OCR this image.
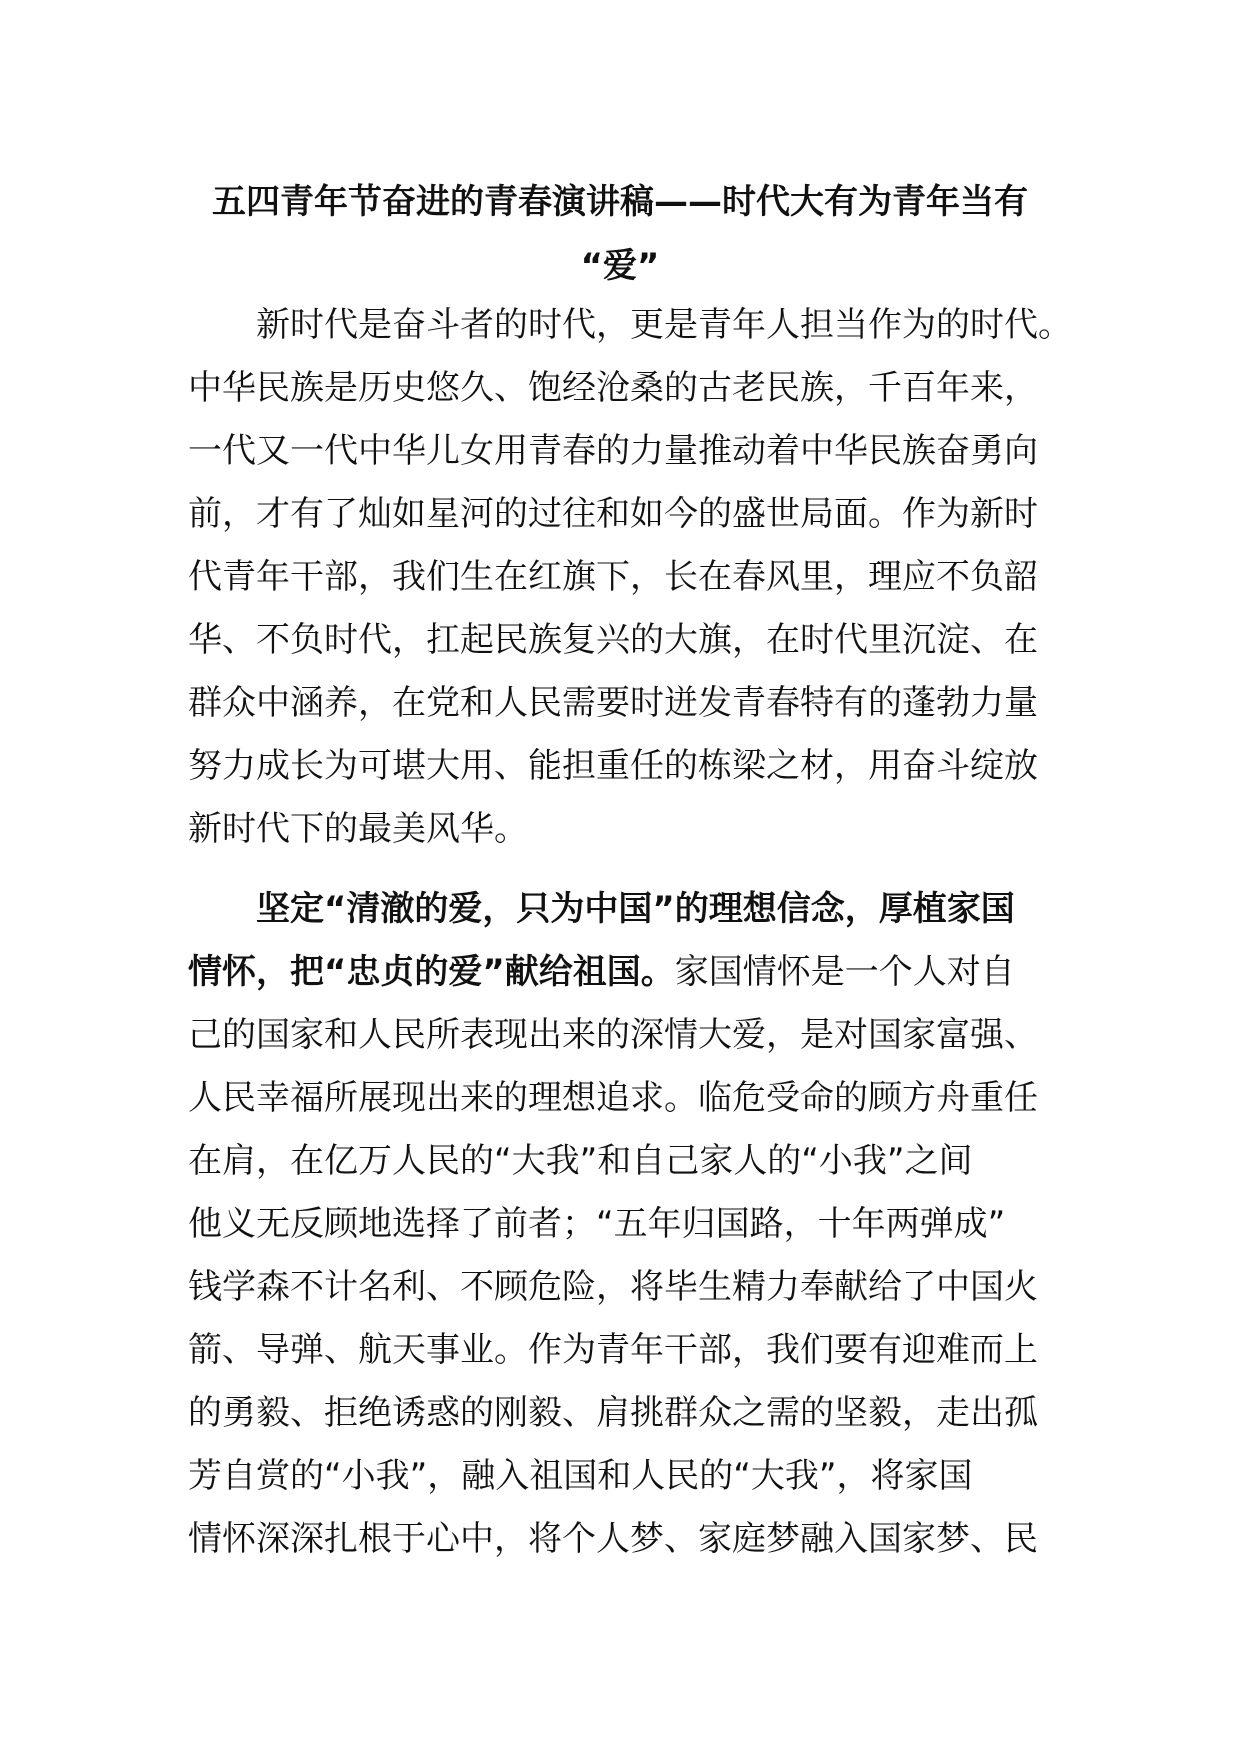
五四青年节奋进的青春演讲稿——时代大有为青年当有
“爱”
新时代是奋斗者的时代，更是青年人担当作为的时代。
中华民族是历史悠久、饱经沧桑的古老民族，千百年来，
一代又一代中华儿女用青春的力量推动着中华民族奋勇向
前，才有了灿如星河的过往和如今的盛世局面。作为新时
代青年干部，我们生在红旗下，长在春风里，理应不负韶
华、不负时代，扛起民族复兴的大旗，在时代里沉淀、在
群众中涵养，在党和人民需要时迸发青春特有的蓬勃力量
努力成长为可堪大用、能担重任的栋梁之材，用奋斗绽放
新时代下的最美风华。
坚定“清澈的爱，只为中国”的理想信念，厚植家国
情怀，把“忠贞的爱”献给祖国。家国情怀是一个人对自
己的国家和人民所表现出来的深情大爱，是对国家富强、
人民幸福所展现出来的理想追求。临危受命的顾方舟重任
在肩，在亿万人民的“大我”和自己家人的“小我”之间
他义无反顾地选择了前者；“五年归国路，十年两弹成”
钱学森不计名利、不顾危险，将毕生精力奉献给了中国火
箭、导弹、航天事业。作为青年干部，我们要有迎难而上
的勇毅、拒绝诱惑的刚毅、肩挑群众之需的坚毅，走出孤
芳自赏的“小我”，融入祖国和人民的“大我”，将家国
情怀深深扎根于心中，将个人梦、家庭梦融入国家梦、民
